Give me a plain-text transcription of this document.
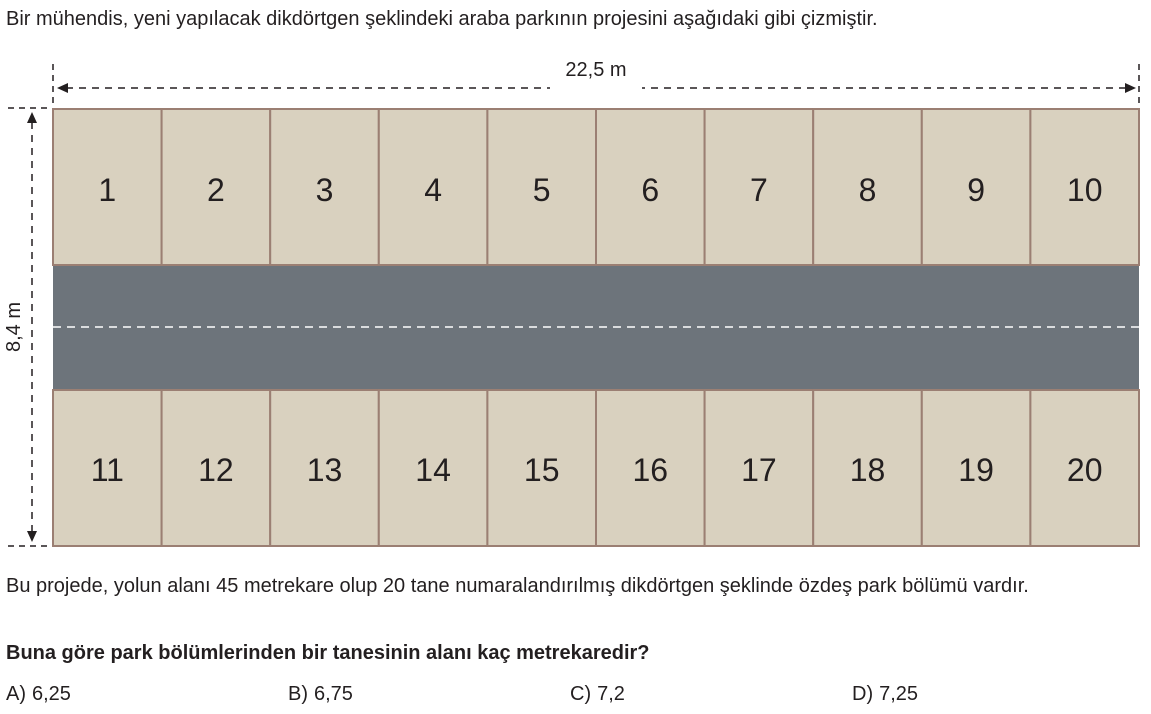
Bir mühendis, yeni yapılacak dikdörtgen şeklindeki araba parkının projesini aşağıdaki gibi çizmiştir.
22,5 m
8,4 m
1	2	3	4	5	6	7	8	9	10
11 12 13 14 15 16 17 18 19 20
Bu projede, yolun alanı 45 metrekare olup 20 tane numaralandırılmış dikdörtgen şeklinde özdeş park bölümü vardır.
Buna göre park bölümlerinden bir tanesinin alanı kaç metrekaredir?
A) 6,25	B) 6,75	C) 7,2	D) 7,25
